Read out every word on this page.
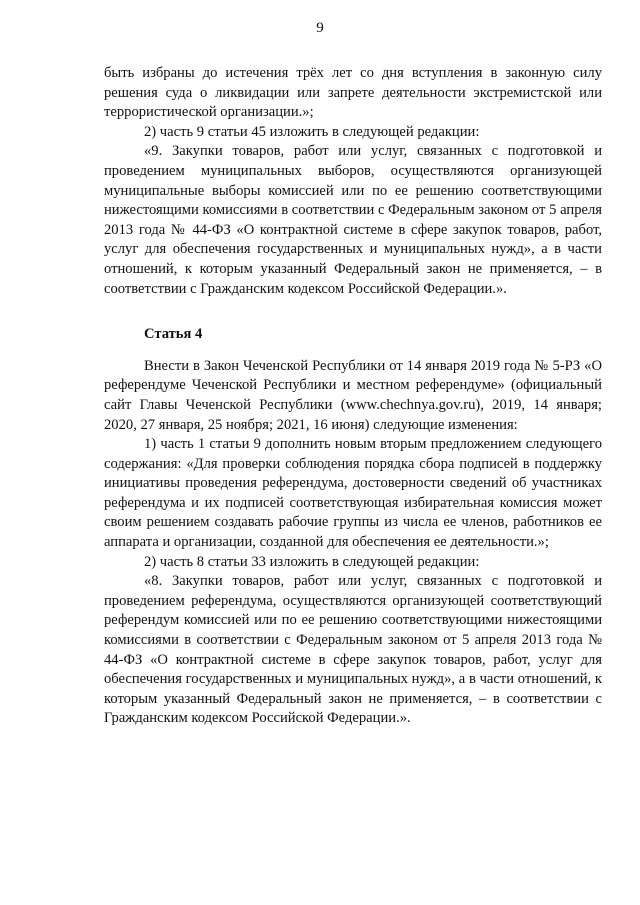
9

быть избраны до истечения трёх лет со дня вступления в законную силу решения суда о ликвидации или запрете деятельности экстремистской или террористической организации.»;

2) часть 9 статьи 45 изложить в следующей редакции:

«9. Закупки товаров, работ или услуг, связанных с подготовкой и проведением муниципальных выборов, осуществляются организующей муниципальные выборы комиссией или по ее решению соответствующими нижестоящими комиссиями в соответствии с Федеральным законом от 5 апреля 2013 года № 44-ФЗ «О контрактной системе в сфере закупок товаров, работ, услуг для обеспечения государственных и муниципальных нужд», а в части отношений, к которым указанный Федеральный закон не применяется, – в соответствии с Гражданским кодексом Российской Федерации.».

Статья 4

Внести в Закон Чеченской Республики от 14 января 2019 года № 5-РЗ «О референдуме Чеченской Республики и местном референдуме» (официальный сайт Главы Чеченской Республики (www.chechnya.gov.ru), 2019, 14 января; 2020, 27 января, 25 ноября; 2021, 16 июня) следующие изменения:

1) часть 1 статьи 9 дополнить новым вторым предложением следующего содержания: «Для проверки соблюдения порядка сбора подписей в поддержку инициативы проведения референдума, достоверности сведений об участниках референдума и их подписей соответствующая избирательная комиссия может своим решением создавать рабочие группы из числа ее членов, работников ее аппарата и организации, созданной для обеспечения ее деятельности.»;

2) часть 8 статьи 33 изложить в следующей редакции:

«8. Закупки товаров, работ или услуг, связанных с подготовкой и проведением референдума, осуществляются организующей соответствующий референдум комиссией или по ее решению соответствующими нижестоящими комиссиями в соответствии с Федеральным законом от 5 апреля 2013 года № 44-ФЗ «О контрактной системе в сфере закупок товаров, работ, услуг для обеспечения государственных и муниципальных нужд», а в части отношений, к которым указанный Федеральный закон не применяется, – в соответствии с Гражданским кодексом Российской Федерации.».
